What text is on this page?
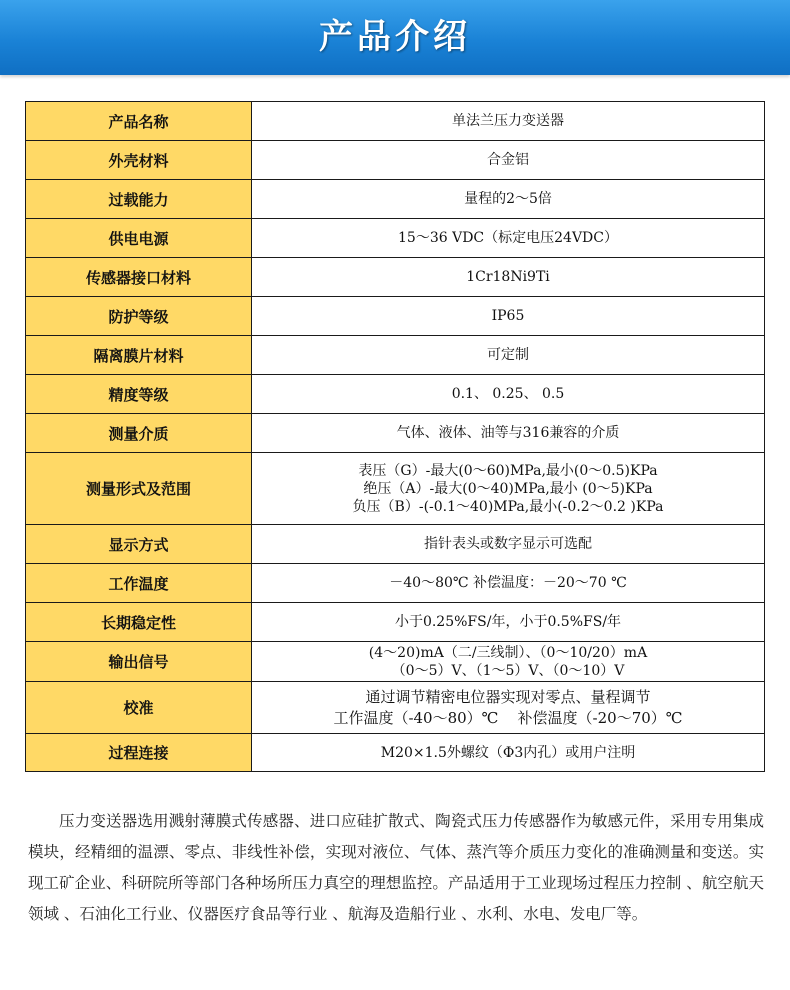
产品介绍
产品名称	单法兰压力变送器

外壳材料	合金铝

过载能力	量程的2～5倍

供电电源	15～36 VDC（标定电压24VDC）

传感器接口材料	1Cr18Ni9Ti

防护等级	IP65

隔离膜片材料	可定制

精度等级	0.1、 0.25、 0.5

测量介质	气体、液体、油等与316兼容的介质

测量形式及范围	表压（G）-最大(0～60)MPa,最小(0～0.5)KPa
绝压（A）-最大(0～40)MPa,最小 (0～5)KPa
负压（B）-(-0.1～40)MPa,最小(-0.2～0.2 )KPa

显示方式	指针表头或数字显示可选配

工作温度	－40～80℃ 补偿温度：－20～70 ℃

长期稳定性	小于0.25%FS/年，小于0.5%FS/年

输出信号	(4～20)mA（二/三线制）、（0～10/20）mA
（0～5）V、（1～5）V、（0～10）V

校准	通过调节精密电位器实现对零点、量程调节
工作温度（-40～80）℃    补偿温度（-20～70）℃

过程连接	M20×1.5外螺纹（Φ3内孔）或用户注明

压力变送器选用溅射薄膜式传感器、进口应硅扩散式、陶瓷式压力传感器作为敏感元件，采用专用集成模块，经精细的温漂、零点、非线性补偿，实现对液位、气体、蒸汽等介质压力变化的准确测量和变送。实现工矿企业、科研院所等部门各种场所压力真空的理想监控。产品适用于工业现场过程压力控制 、航空航天领域 、石油化工行业、仪器医疗食品等行业 、航海及造船行业 、水利、水电、发电厂等。
